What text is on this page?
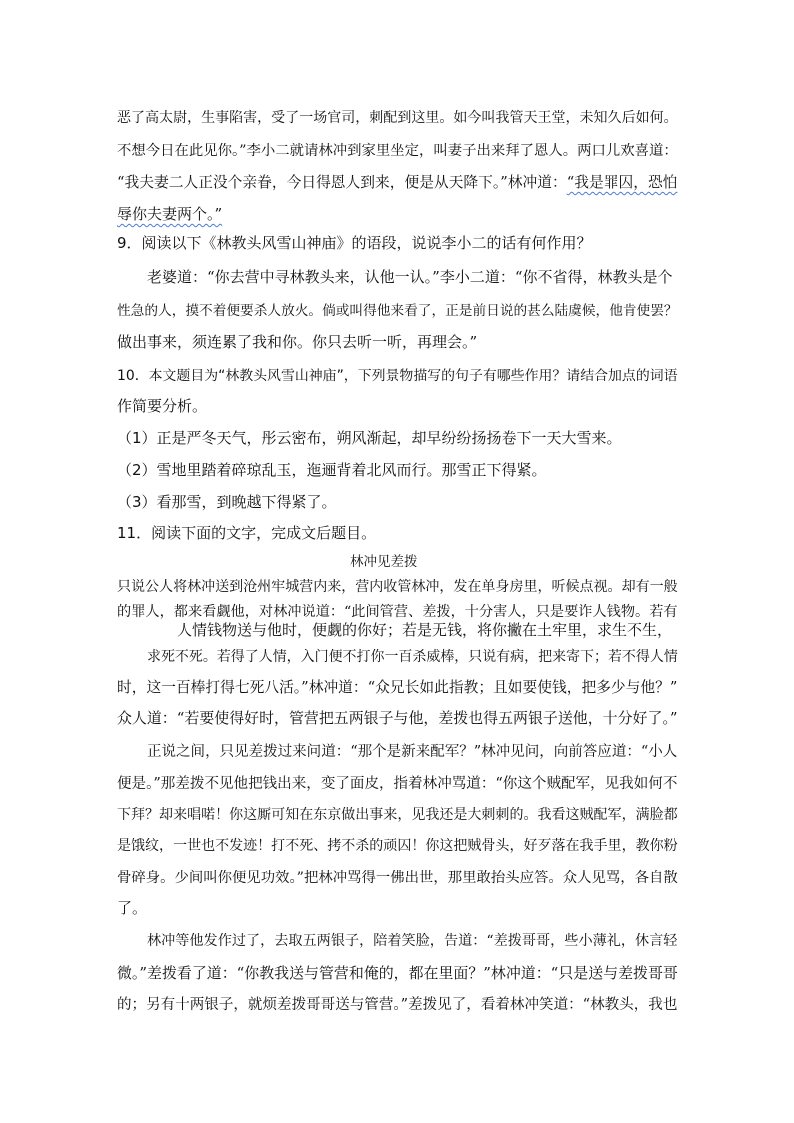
恶了高太尉，生事陷害，受了一场官司，刺配到这里。如今叫我管天王堂，未知久后如何。
不想今日在此见你。”李小二就请林冲到家里坐定，叫妻子出来拜了恩人。两口儿欢喜道：
“我夫妻二人正没个亲眷，今日得恩人到来，便是从天降下。”林冲道：“我是罪囚，恐怕
辱你夫妻两个。”
9．阅读以下《林教头风雪山神庙》的语段，说说李小二的话有何作用？
老婆道：“你去营中寻林教头来，认他一认。”李小二道：“你不省得，林教头是个
性急的人，摸不着便要杀人放火。倘或叫得他来看了，正是前日说的甚么陆虞候，他肯使罢？
做出事来，须连累了我和你。你只去听一听，再理会。”
10．本文题目为“林教头风雪山神庙”，下列景物描写的句子有哪些作用？请结合加点的词语
作简要分析。
（1）正是严冬天气，彤云密布，朔风渐起，却早纷纷扬扬卷下一天大雪来。
（2）雪地里踏着碎琼乱玉，迤逦背着北风而行。那雪正下得紧。
（3）看那雪，到晚越下得紧了。
11．阅读下面的文字，完成文后题目。
林冲见差拨
只说公人将林冲送到沧州牢城营内来，营内收管林冲，发在单身房里，听候点视。却有一般
的罪人，都来看觑他，对林冲说道：“此间管营、差拨，十分害人，只是要诈人钱物。若有
人情钱物送与他时，便觑的你好；若是无钱，将你撇在土牢里，求生不生，
求死不死。若得了人情，入门便不打你一百杀威棒，只说有病，把来寄下；若不得人情
时，这一百棒打得七死八活。”林冲道：“众兄长如此指教；且如要使钱，把多少与他？”
众人道：“若要使得好时，管营把五两银子与他，差拨也得五两银子送他，十分好了。”
正说之间，只见差拨过来问道：“那个是新来配军？”林冲见问，向前答应道：“小人
便是。”那差拨不见他把钱出来，变了面皮，指着林冲骂道：“你这个贼配军，见我如何不
下拜？却来唱喏！你这厮可知在东京做出事来，见我还是大刺刺的。我看这贼配军，满脸都
是饿纹，一世也不发迹！打不死、拷不杀的顽囚！你这把贼骨头，好歹落在我手里，教你粉
骨碎身。少间叫你便见功效。”把林冲骂得一佛出世，那里敢抬头应答。众人见骂，各自散
了。
林冲等他发作过了，去取五两银子，陪着笑脸，告道：“差拨哥哥，些小薄礼，休言轻
微。”差拨看了道：“你教我送与管营和俺的，都在里面？”林冲道：“只是送与差拨哥哥
的；另有十两银子，就烦差拨哥哥送与管营。”差拨见了，看着林冲笑道：“林教头，我也
